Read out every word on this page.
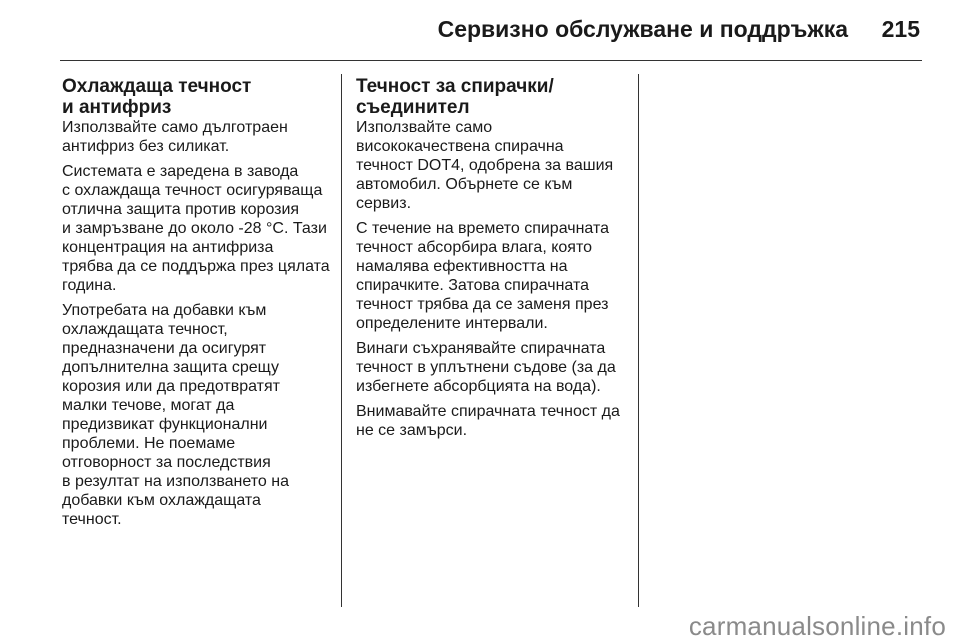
Сервизно обслужване и поддръжка 215
Охлаждаща течност
и антифриз

Използвайте само дълготраен
антифриз без силикат.

Системата е заредена в завода
с охлаждаща течност осигуряваща
отлична защита против корозия
и замръзване до около -28 °C. Тази
концентрация на антифриза
трябва да се поддържа през цялата
година.

Употребата на добавки към
охлаждащата течност,
предназначени да осигурят
допълнителна защита срещу
корозия или да предотвратят
малки течове, могат да
предизвикат функционални
проблеми. Не поемаме
отговорност за последствия
в резултат на използването на
добавки към охлаждащата
течност.

Течност за спирачки/
съединител

Използвайте само
висококачествена спирачна
течност DOT4, одобрена за вашия
автомобил. Обърнете се към
сервиз.

С течение на времето спирачната
течност абсорбира влага, която
намалява ефективността на
спирачките. Затова спирачната
течност трябва да се заменя през
определените интервали.

Винаги съхранявайте спирачната
течност в уплътнени съдове (за да
избегнете абсорбцията на вода).

Внимавайте спирачната течност да
не се замърси.

carmanualsonline.info
